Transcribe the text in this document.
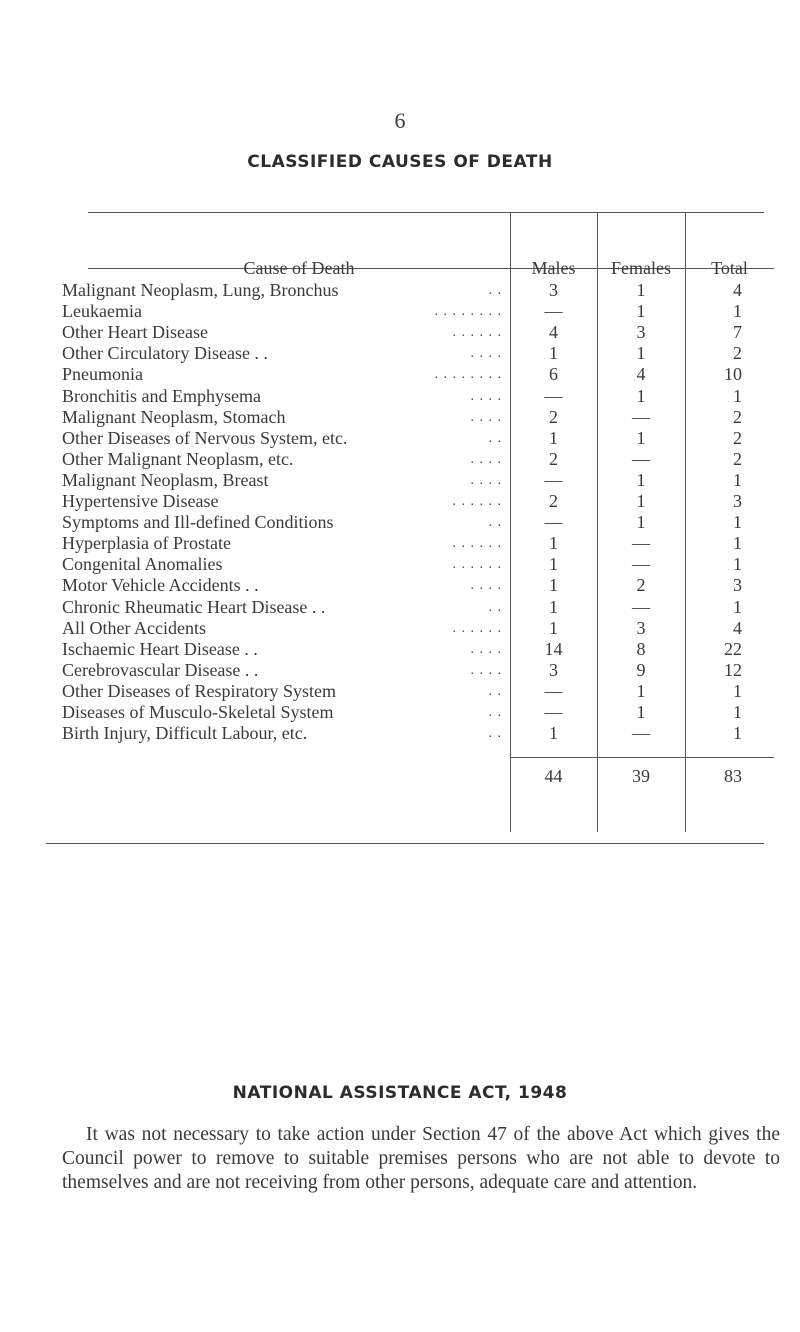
6
CLASSIFIED CAUSES OF DEATH
Cause of Death	Males	Females	Total
Malignant Neoplasm, Lung, Bronchus	. .	3	1	4
Leukaemia	. . . . . . . .	—	1	1
Other Heart Disease	. . . . . .	4	3	7
Other Circulatory Disease . .	. . . .	1	1	2
Pneumonia	. . . . . . . .	6	4	10
Bronchitis and Emphysema	. . . .	—	1	1
Malignant Neoplasm, Stomach	. . . .	2	—	2
Other Diseases of Nervous System, etc.	. .	1	1	2
Other Malignant Neoplasm, etc.	. . . .	2	—	2
Malignant Neoplasm, Breast	. . . .	—	1	1
Hypertensive Disease	. . . . . .	2	1	3
Symptoms and Ill-defined Conditions	. .	—	1	1
Hyperplasia of Prostate	. . . . . .	1	—	1
Congenital Anomalies	. . . . . .	1	—	1
Motor Vehicle Accidents . .	. . . .	1	2	3
Chronic Rheumatic Heart Disease . .	. .	1	—	1
All Other Accidents	. . . . . .	1	3	4
Ischaemic Heart Disease . .	. . . .	14	8	22
Cerebrovascular Disease . .	. . . .	3	9	12
Other Diseases of Respiratory System	. .	—	1	1
Diseases of Musculo-Skeletal System	. .	—	1	1
Birth Injury, Difficult Labour, etc.	. .	1	—	1
44	39	83
NATIONAL ASSISTANCE ACT, 1948
It was not necessary to take action under Section 47 of the above Act which gives the Council power to remove to suitable premises persons who are not able to devote to themselves and are not receiving from other persons, adequate care and attention.
